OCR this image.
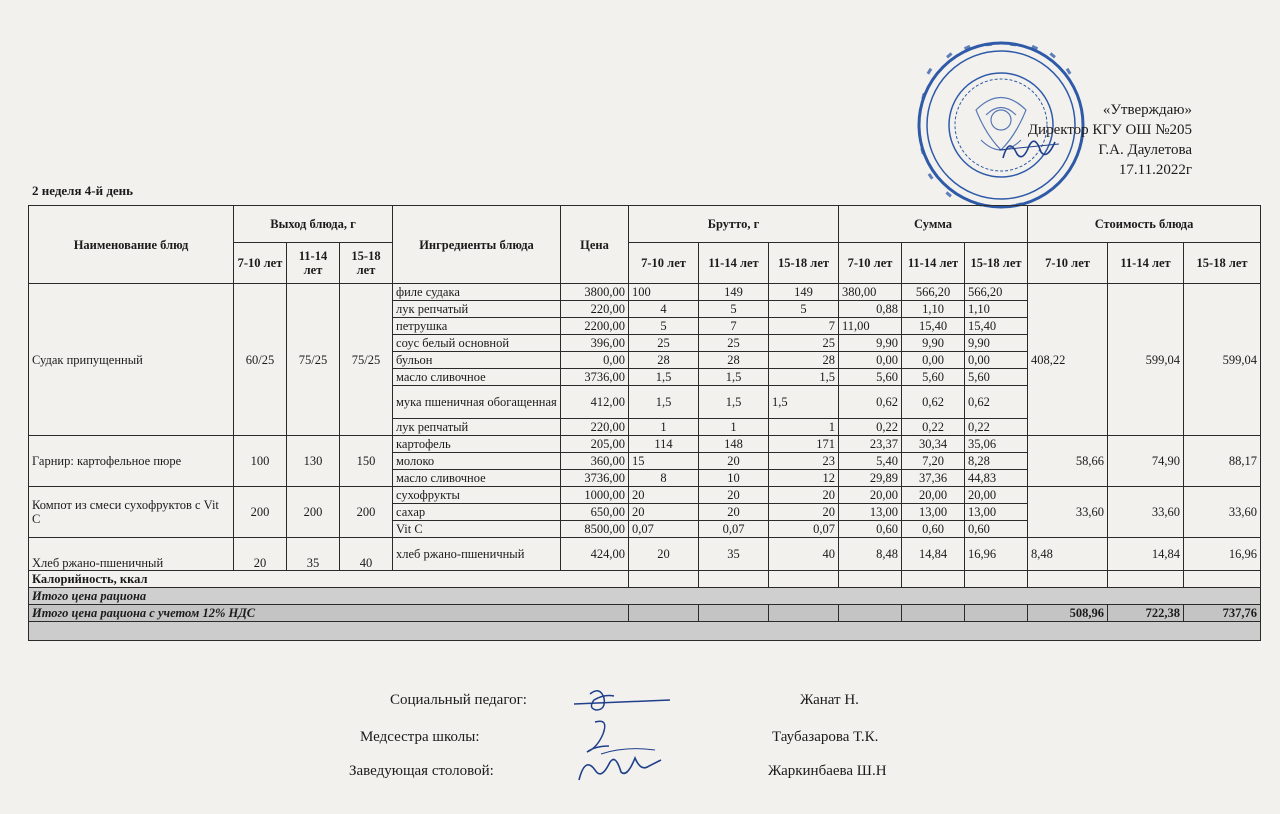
«Утверждаю»
Директор КГУ ОШ №205
Г.А. Даулетова
17.11.2022г
2 неделя 4-й день
Наименование блюд	Выход блюда, г			Ингредиенты блюда	Цена	Брутто, г			Сумма			Стоимость блюда		
	7-10 лет	11-14 лет	15-18 лет			7-10 лет	11-14 лет	15-18 лет	7-10 лет	11-14 лет	15-18 лет	7-10 лет	11-14 лет	15-18 лет
Судак припущенный	60/25	75/25	75/25	филе судака	3800,00	100	149	149	380,00	566,20	566,20	408,22	599,04	599,04
				лук репчатый	220,00	4	5	5	0,88	1,10	1,10			
				петрушка	2200,00	5	7	7	11,00	15,40	15,40			
				соус белый основной	396,00	25	25	25	9,90	9,90	9,90			
				бульон	0,00	28	28	28	0,00	0,00	0,00			
				масло сливочное	3736,00	1,5	1,5	1,5	5,60	5,60	5,60			
				мука пшеничная обогащенная	412,00	1,5	1,5	1,5	0,62	0,62	0,62			
				лук репчатый	220,00	1	1	1	0,22	0,22	0,22			
Гарнир: картофельное пюре	100	130	150	картофель	205,00	114	148	171	23,37	30,34	35,06	58,66	74,90	88,17
				молоко	360,00	15	20	23	5,40	7,20	8,28			
				масло сливочное	3736,00	8	10	12	29,89	37,36	44,83			
Компот из смеси сухофруктов с Vit C	200	200	200	сухофрукты	1000,00	20	20	20	20,00	20,00	20,00	33,60	33,60	33,60
				сахар	650,00	20	20	20	13,00	13,00	13,00			
				Vit C	8500,00	0,07	0,07	0,07	0,60	0,60	0,60			
Хлеб ржано-пшеничный	20	35	40	хлеб ржано-пшеничный	424,00	20	35	40	8,48	14,84	16,96	8,48	14,84	16,96
Калорийность, ккал														
Итого цена рациона														
Итого цена рациона с учетом 12% НДС												508,96	722,38	737,76

Социальный педагог:	Жанат Н.
Медсестра школы:	Таубазарова Т.К.
Заведующая столовой:	Жаркинбаева Ш.Н
